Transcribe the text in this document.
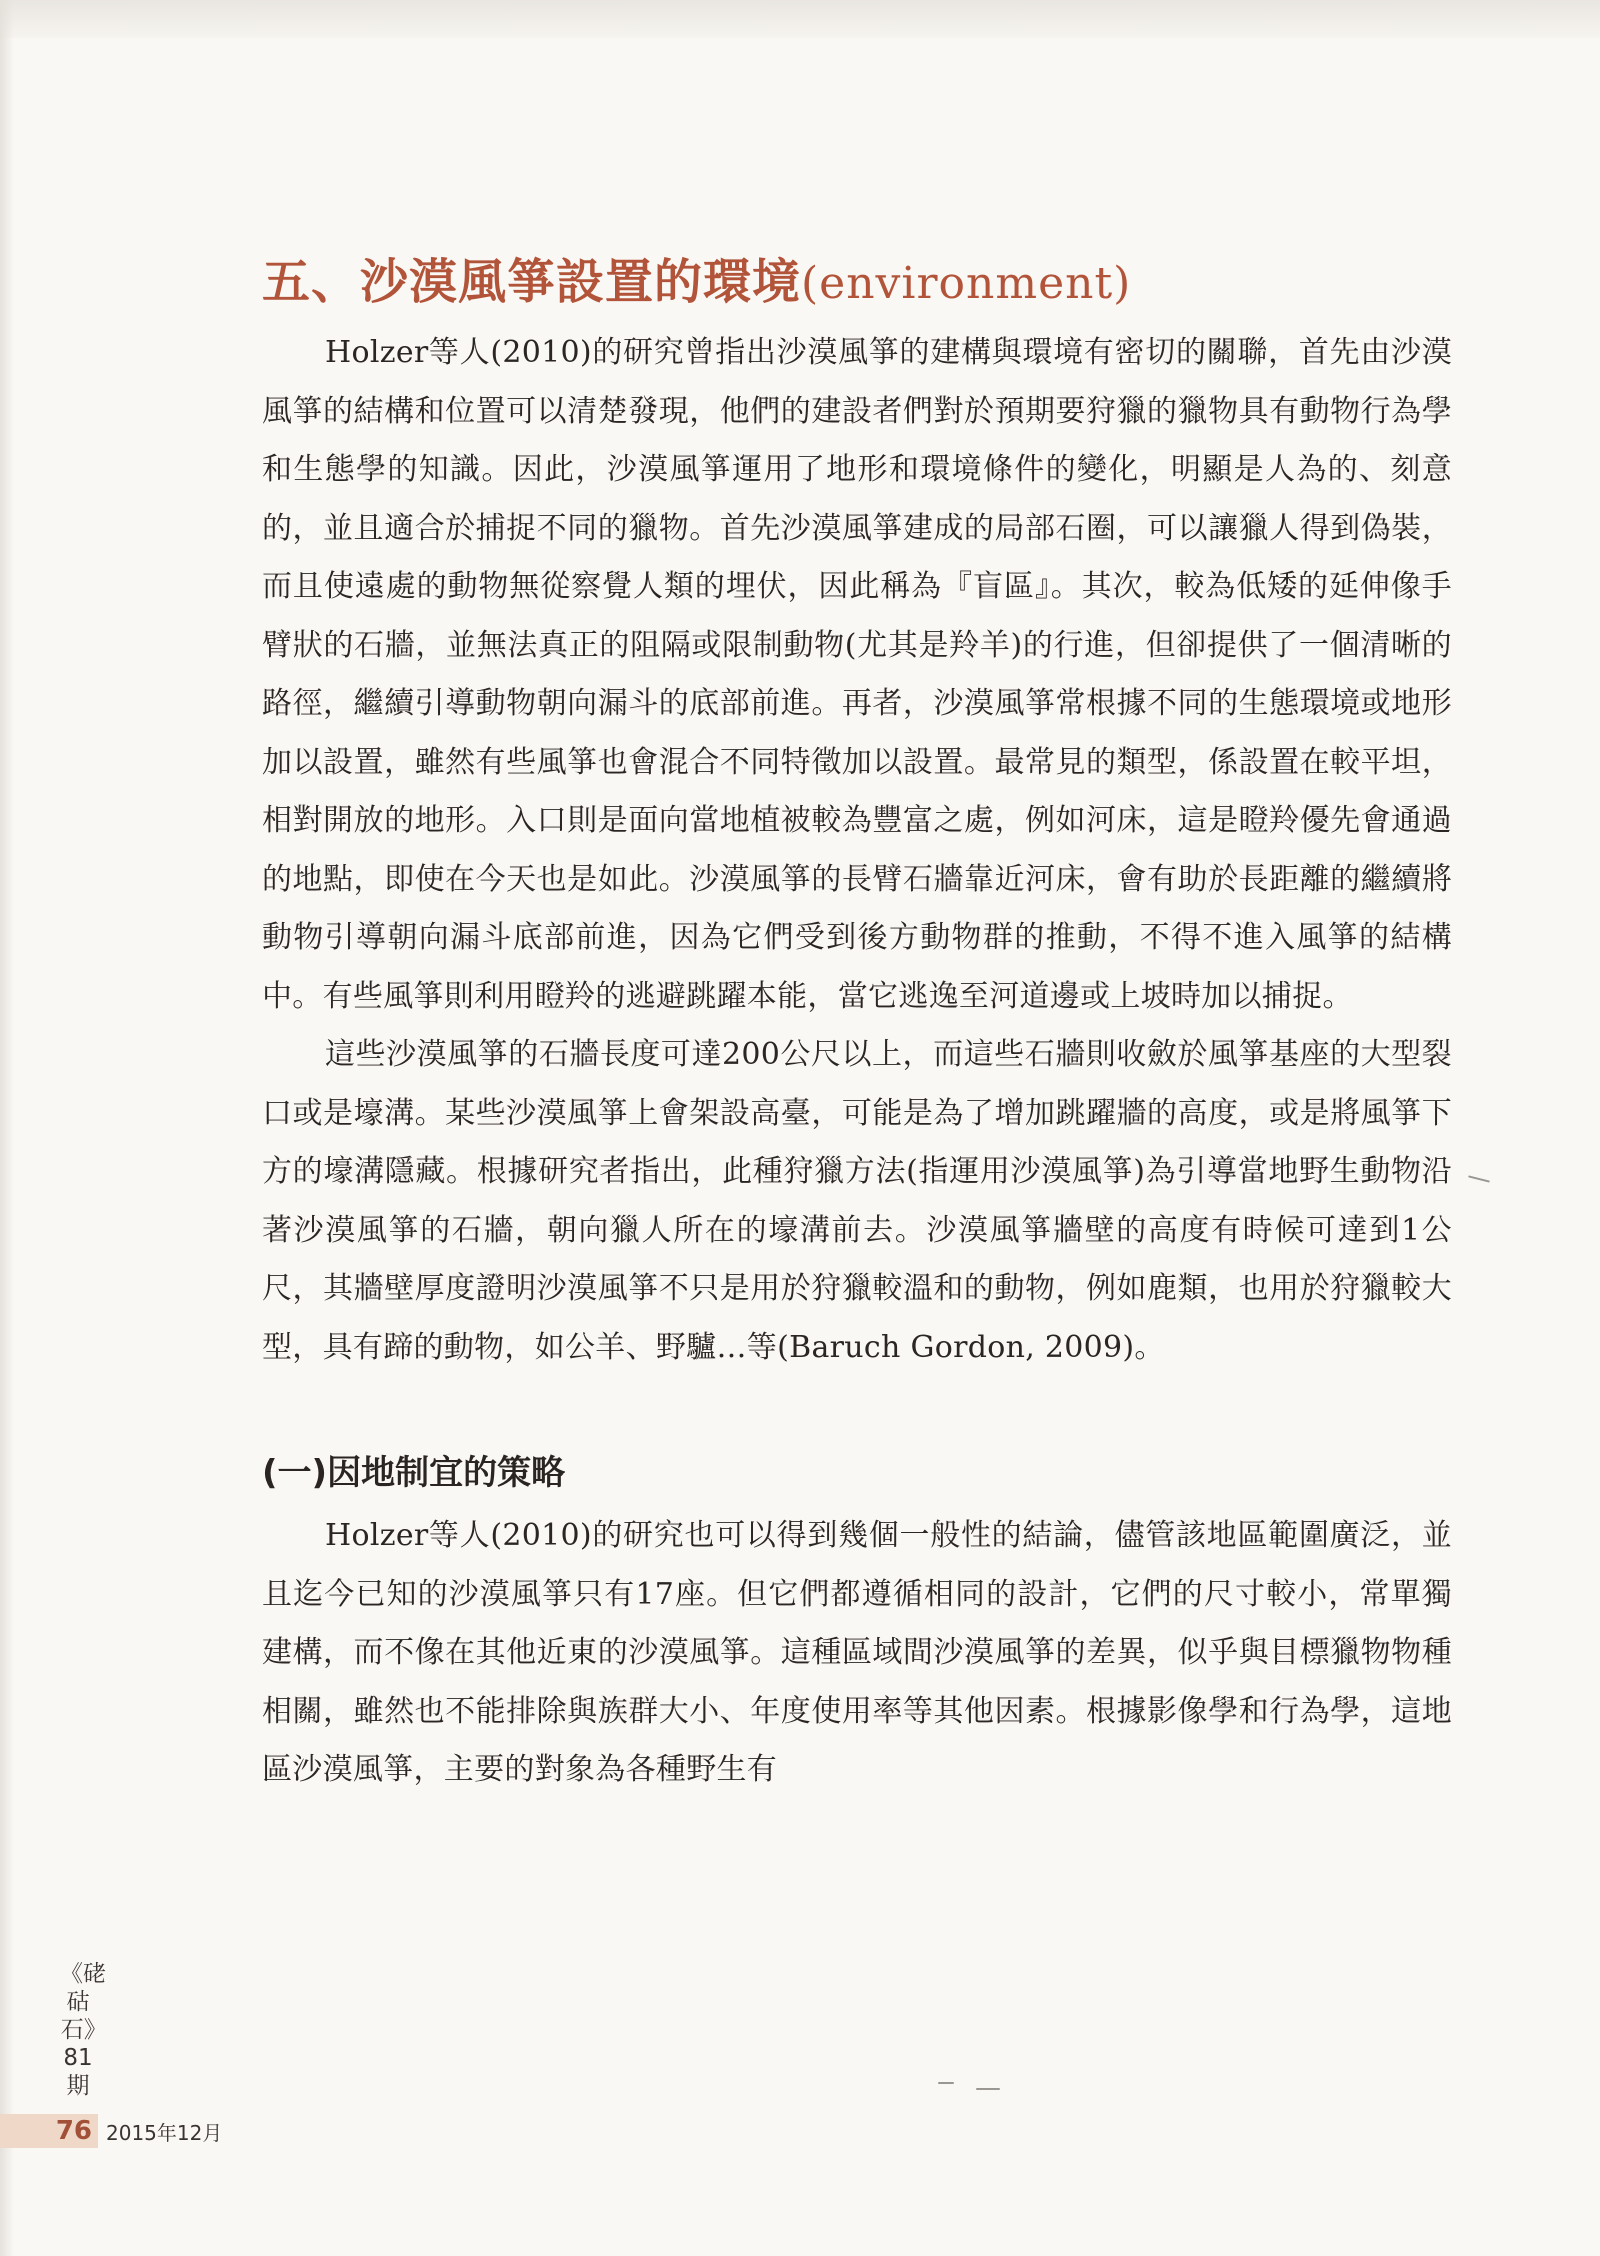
五、沙漠風箏設置的環境(environment)

Holzer等人(2010)的研究曾指出沙漠風箏的建構與環境有密切的關聯，首先由沙漠風箏的結構和位置可以清楚發現，他們的建設者們對於預期要狩獵的獵物具有動物行為學和生態學的知識。因此，沙漠風箏運用了地形和環境條件的變化，明顯是人為的、刻意的，並且適合於捕捉不同的獵物。首先沙漠風箏建成的局部石圈，可以讓獵人得到偽裝，而且使遠處的動物無從察覺人類的埋伏，因此稱為『盲區』。其次，較為低矮的延伸像手臂狀的石牆，並無法真正的阻隔或限制動物(尤其是羚羊)的行進，但卻提供了一個清晰的路徑，繼續引導動物朝向漏斗的底部前進。再者，沙漠風箏常根據不同的生態環境或地形加以設置，雖然有些風箏也會混合不同特徵加以設置。最常見的類型，係設置在較平坦，相對開放的地形。入口則是面向當地植被較為豐富之處，例如河床，這是瞪羚優先會通過的地點，即使在今天也是如此。沙漠風箏的長臂石牆靠近河床，會有助於長距離的繼續將動物引導朝向漏斗底部前進，因為它們受到後方動物群的推動，不得不進入風箏的結構中。有些風箏則利用瞪羚的逃避跳躍本能，當它逃逸至河道邊或上坡時加以捕捉。

這些沙漠風箏的石牆長度可達200公尺以上，而這些石牆則收斂於風箏基座的大型裂口或是壕溝。某些沙漠風箏上會架設高臺，可能是為了增加跳躍牆的高度，或是將風箏下方的壕溝隱藏。根據研究者指出，此種狩獵方法(指運用沙漠風箏)為引導當地野生動物沿著沙漠風箏的石牆，朝向獵人所在的壕溝前去。沙漠風箏牆壁的高度有時候可達到1公尺，其牆壁厚度證明沙漠風箏不只是用於狩獵較溫和的動物，例如鹿類，也用於狩獵較大型，具有蹄的動物，如公羊、野驢…等(Baruch Gordon, 2009)。

(一)因地制宜的策略

Holzer等人(2010)的研究也可以得到幾個一般性的結論，儘管該地區範圍廣泛，並且迄今已知的沙漠風箏只有17座。但它們都遵循相同的設計，它們的尺寸較小，常單獨建構，而不像在其他近東的沙漠風箏。這種區域間沙漠風箏的差異，似乎與目標獵物物種相關，雖然也不能排除與族群大小、年度使用率等其他因素。根據影像學和行為學，這地區沙漠風箏，主要的對象為各種野生有

《硓𥑮石》81期
76 2015年12月
